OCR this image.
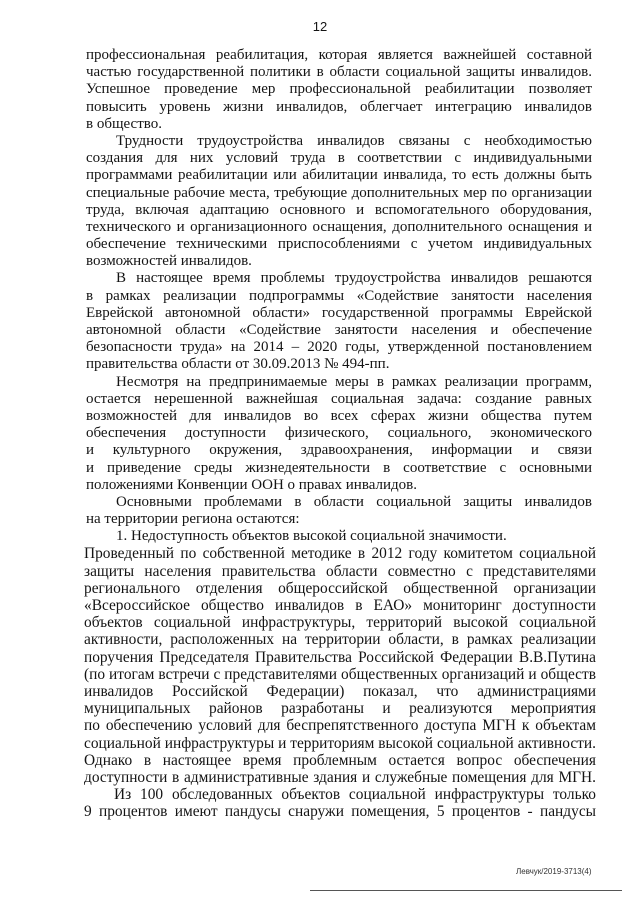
12
профессиональная реабилитация, которая является важнейшей составной
частью государственной политики в области социальной защиты инвалидов.
Успешное проведение мер профессиональной реабилитации позволяет
повысить уровень жизни инвалидов, облегчает интеграцию инвалидов
в общество.
Трудности трудоустройства инвалидов связаны с необходимостью
создания для них условий труда в соответствии с индивидуальными
программами реабилитации или абилитации инвалида, то есть должны быть
специальные рабочие места, требующие дополнительных мер по организации
труда, включая адаптацию основного и вспомогательного оборудования,
технического и организационного оснащения, дополнительного оснащения и
обеспечение техническими приспособлениями с учетом индивидуальных
возможностей инвалидов.
В настоящее время проблемы трудоустройства инвалидов решаются
в рамках реализации подпрограммы «Содействие занятости населения
Еврейской автономной области» государственной программы Еврейской
автономной области «Содействие занятости населения и обеспечение
безопасности труда» на 2014 – 2020 годы, утвержденной постановлением
правительства области от 30.09.2013 № 494-пп.
Несмотря на предпринимаемые меры в рамках реализации программ,
остается нерешенной важнейшая социальная задача: создание равных
возможностей для инвалидов во всех сферах жизни общества путем
обеспечения доступности физического, социального, экономического
и культурного окружения, здравоохранения, информации и связи
и приведение среды жизнедеятельности в соответствие с основными
положениями Конвенции ООН о правах инвалидов.
Основными проблемами в области социальной защиты инвалидов
на территории региона остаются:
1. Недоступность объектов высокой социальной значимости.
Проведенный по собственной методике в 2012 году комитетом социальной
защиты населения правительства области совместно с представителями
регионального отделения общероссийской общественной организации
«Всероссийское общество инвалидов в ЕАО» мониторинг доступности
объектов социальной инфраструктуры, территорий высокой социальной
активности, расположенных на территории области, в рамках реализации
поручения Председателя Правительства Российской Федерации В.В.Путина
(по итогам встречи с представителями общественных организаций и обществ
инвалидов Российской Федерации) показал, что администрациями
муниципальных районов разработаны и реализуются мероприятия
по обеспечению условий для беспрепятственного доступа МГН к объектам
социальной инфраструктуры и территориям высокой социальной активности.
Однако в настоящее время проблемным остается вопрос обеспечения
доступности в административные здания и служебные помещения для МГН.
Из 100 обследованных объектов социальной инфраструктуры только
9 процентов имеют пандусы снаружи помещения, 5 процентов - пандусы
Левчук/2019-3713(4)
